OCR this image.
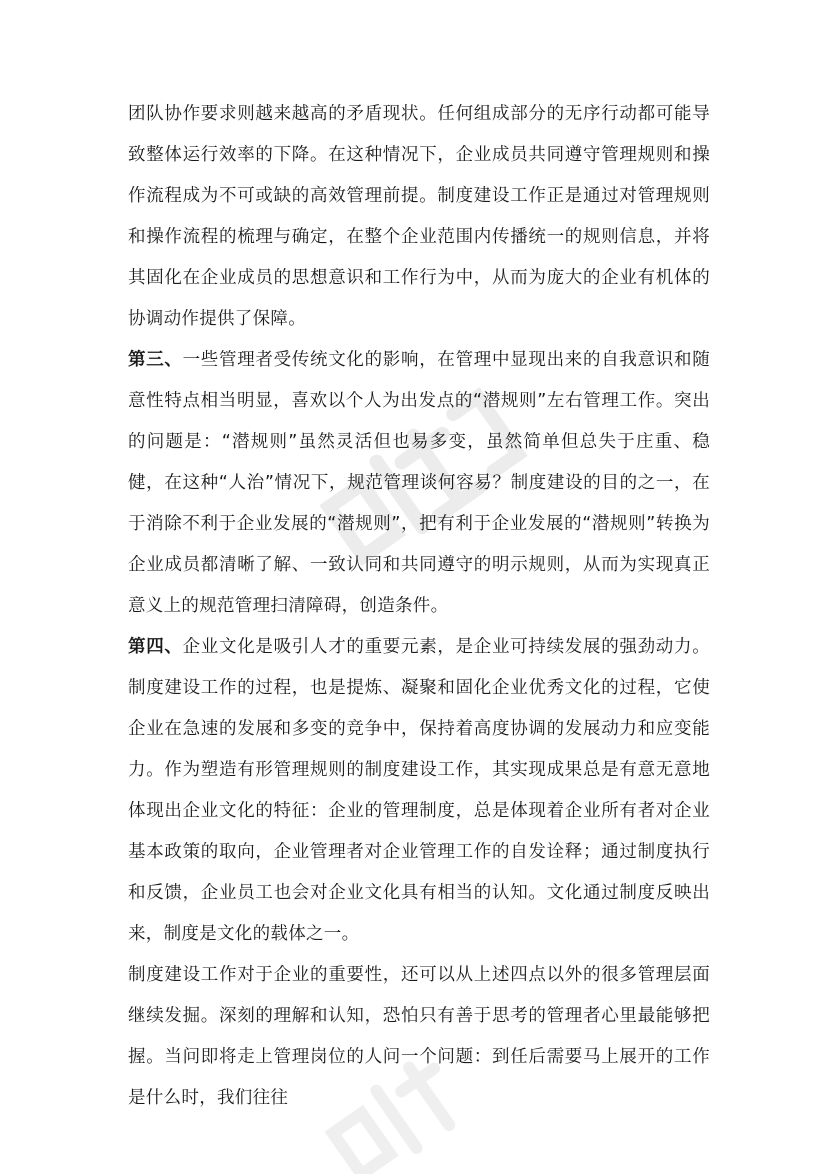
团队协作要求则越来越高的矛盾现状。任何组成部分的无序行动都可能导致整体运行效率的下降。在这种情况下，企业成员共同遵守管理规则和操作流程成为不可或缺的高效管理前提。制度建设工作正是通过对管理规则和操作流程的梳理与确定，在整个企业范围内传播统一的规则信息，并将其固化在企业成员的思想意识和工作行为中，从而为庞大的企业有机体的协调动作提供了保障。

第三、一些管理者受传统文化的影响，在管理中显现出来的自我意识和随意性特点相当明显，喜欢以个人为出发点的“潜规则”左右管理工作。突出的问题是：“潜规则”虽然灵活但也易多变，虽然简单但总失于庄重、稳健，在这种“人治”情况下，规范管理谈何容易？制度建设的目的之一，在于消除不利于企业发展的“潜规则”，把有利于企业发展的“潜规则”转换为企业成员都清晰了解、一致认同和共同遵守的明示规则，从而为实现真正意义上的规范管理扫清障碍，创造条件。

第四、企业文化是吸引人才的重要元素，是企业可持续发展的强劲动力。制度建设工作的过程，也是提炼、凝聚和固化企业优秀文化的过程，它使企业在急速的发展和多变的竞争中，保持着高度协调的发展动力和应变能力。作为塑造有形管理规则的制度建设工作，其实现成果总是有意无意地体现出企业文化的特征：企业的管理制度，总是体现着企业所有者对企业基本政策的取向，企业管理者对企业管理工作的自发诠释；通过制度执行和反馈，企业员工也会对企业文化具有相当的认知。文化通过制度反映出来，制度是文化的载体之一。

制度建设工作对于企业的重要性，还可以从上述四点以外的很多管理层面继续发掘。深刻的理解和认知，恐怕只有善于思考的管理者心里最能够把握。当问即将走上管理岗位的人问一个问题：到任后需要马上展开的工作是什么时，我们往往
